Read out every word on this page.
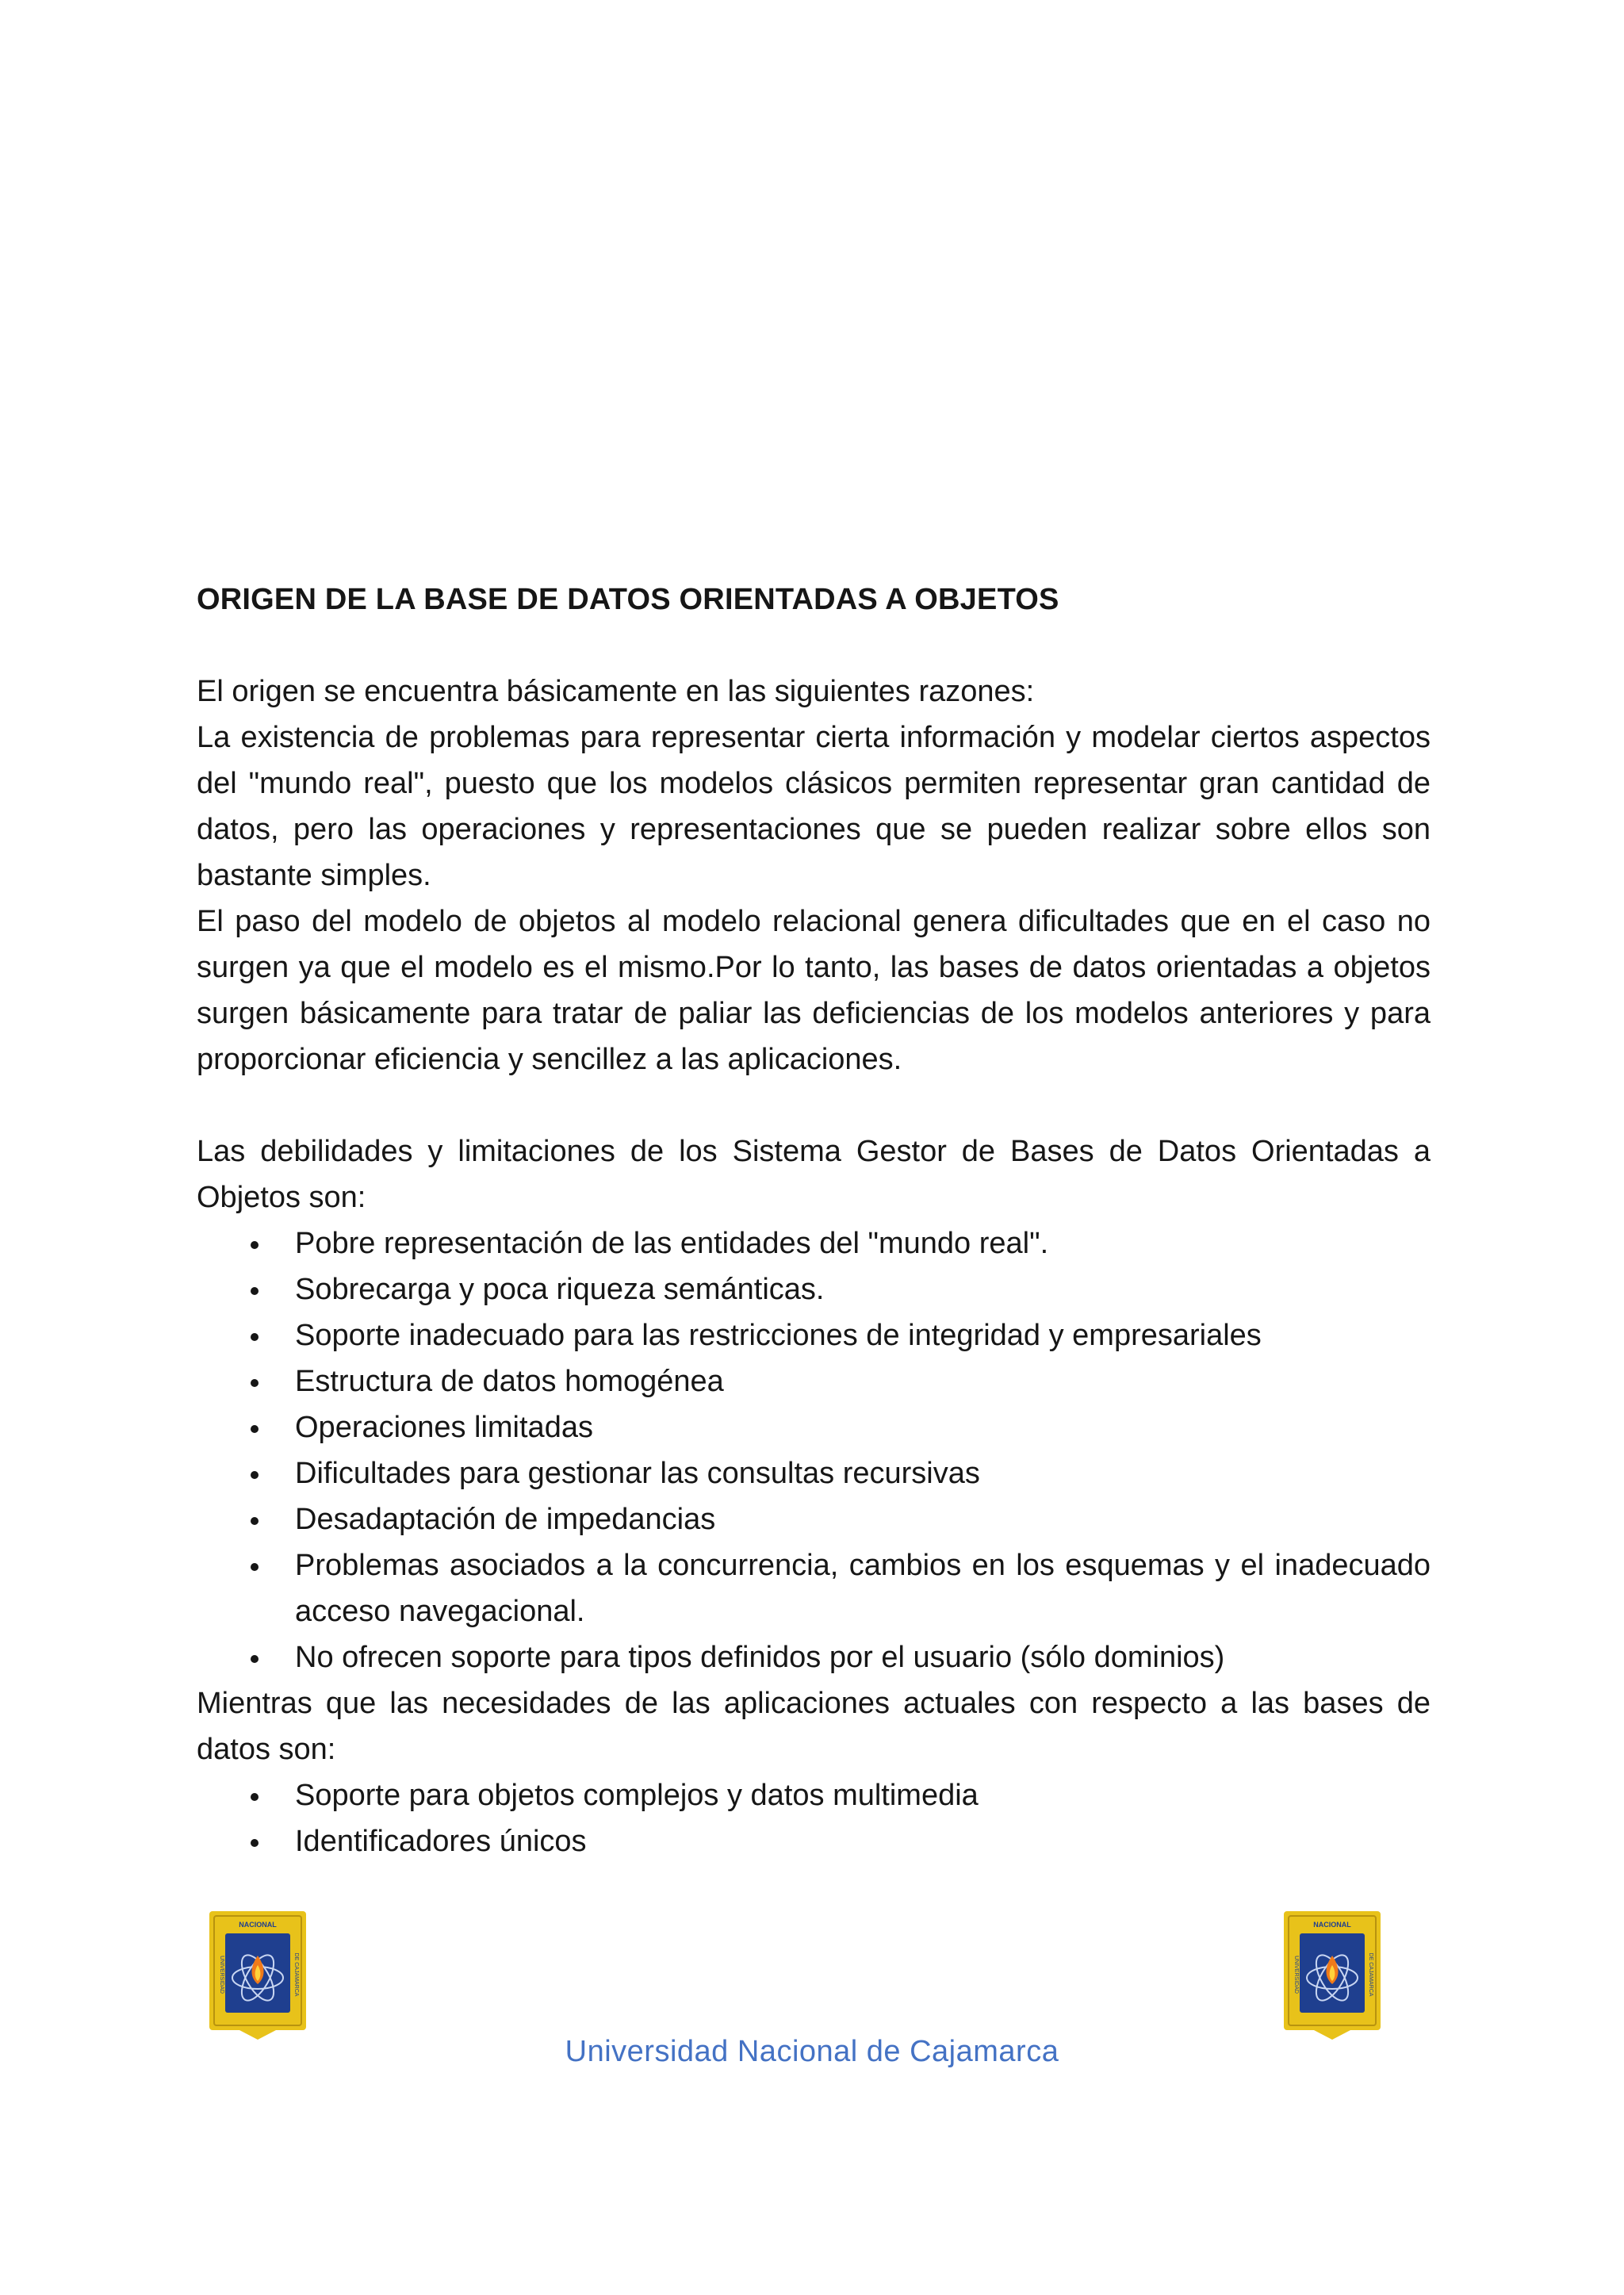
ORIGEN DE LA BASE DE DATOS ORIENTADAS A OBJETOS

El origen se encuentra básicamente en las siguientes razones:

La existencia de problemas para representar cierta información y modelar ciertos aspectos del "mundo real", puesto que los modelos clásicos permiten representar gran cantidad de datos, pero las operaciones y representaciones que se pueden realizar sobre ellos son bastante simples.

El paso del modelo de objetos al modelo relacional genera dificultades que en el caso no surgen ya que el modelo es el mismo.Por lo tanto, las bases de datos orientadas a objetos surgen básicamente para tratar de paliar las deficiencias de los modelos anteriores y para proporcionar eficiencia y sencillez a las aplicaciones.

Las debilidades y limitaciones de los Sistema Gestor de Bases de Datos Orientadas a Objetos son:

Pobre representación de las entidades del "mundo real".
Sobrecarga y poca riqueza semánticas.
Soporte inadecuado para las restricciones de integridad y empresariales
Estructura de datos homogénea
Operaciones limitadas
Dificultades para gestionar las consultas recursivas
Desadaptación de impedancias
Problemas asociados a la concurrencia, cambios en los esquemas y el inadecuado acceso navegacional.
No ofrecen soporte para tipos definidos por el usuario (sólo dominios)

Mientras que las necesidades de las aplicaciones actuales con respecto a las bases de datos son:

Soporte para objetos complejos y datos multimedia
Identificadores únicos
NACIONAL
UNIVERSIDAD	DE CAJAMARCA
NACIONAL
UNIVERSIDAD	DE CAJAMARCA
Universidad Nacional de Cajamarca
